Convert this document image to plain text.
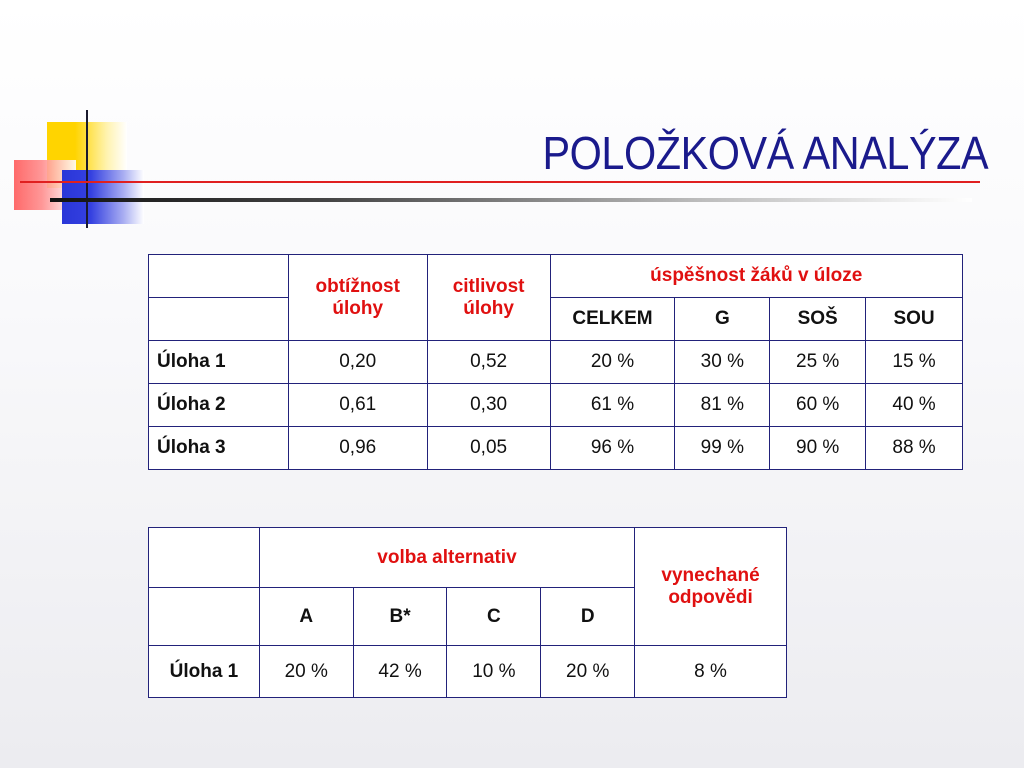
POLOŽKOVÁ ANALÝZA
	obtížnost úlohy	citlivost úlohy	úspěšnost žáků v úloze			
			CELKEM	G	SOŠ	SOU
Úloha 1	0,20	0,52	20 %	30 %	25 %	15 %
Úloha 2	0,61	0,30	61 %	81 %	60 %	40 %
Úloha 3	0,96	0,05	96 %	99 %	90 %	88 %
	volba alternativ				vynechané odpovědi
	A	B*	C	D	
Úloha 1	20 %	42 %	10 %	20 %	8 %
